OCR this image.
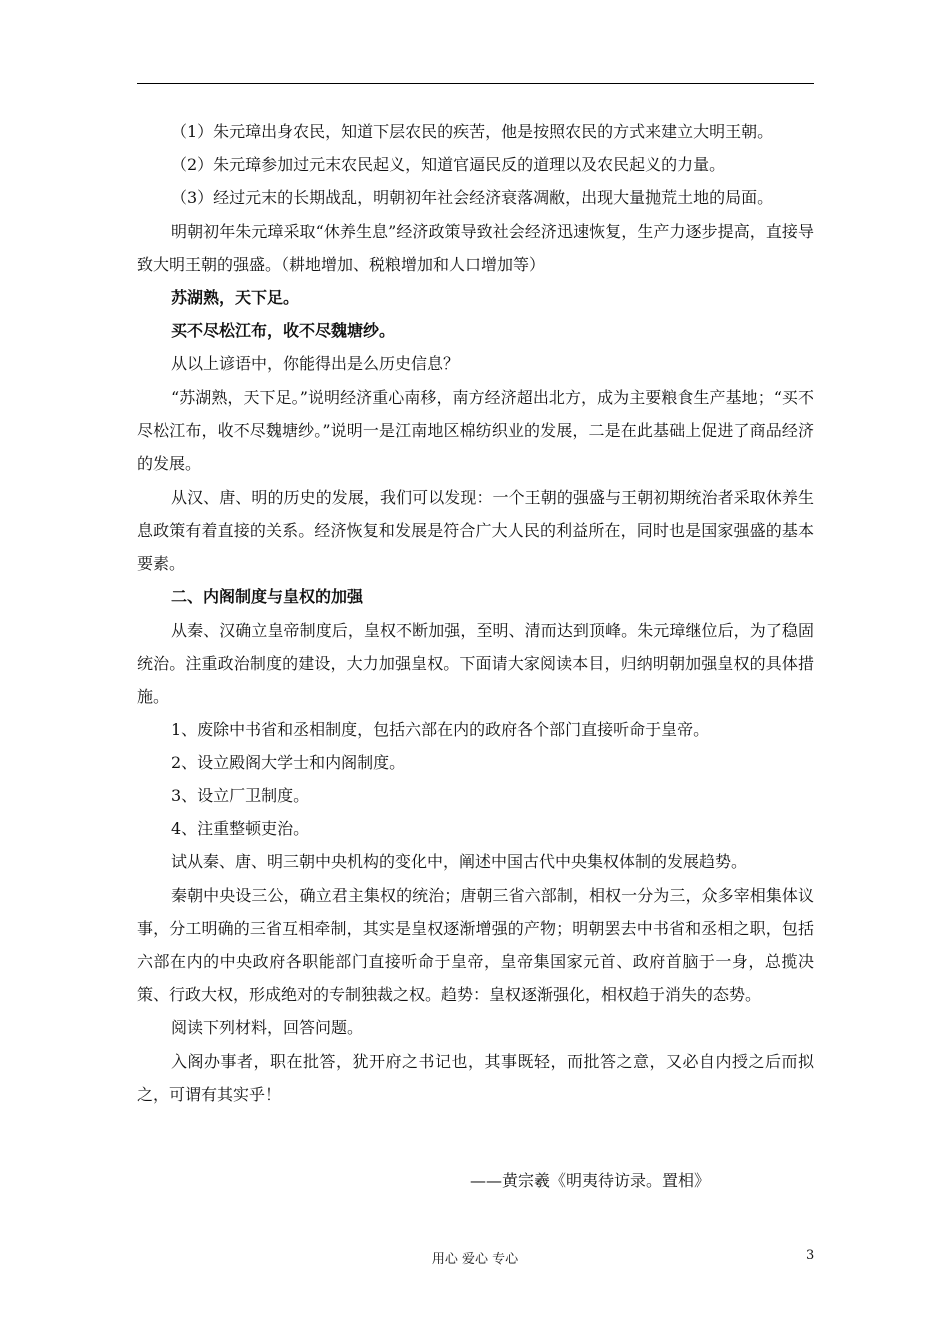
（1）朱元璋出身农民，知道下层农民的疾苦，他是按照农民的方式来建立大明王朝。
（2）朱元璋参加过元末农民起义，知道官逼民反的道理以及农民起义的力量。
（3）经过元末的长期战乱，明朝初年社会经济衰落凋敝，出现大量抛荒土地的局面。
明朝初年朱元璋采取“休养生息”经济政策导致社会经济迅速恢复，生产力逐步提高，直接导致大明王朝的强盛。（耕地增加、税粮增加和人口增加等）
苏湖熟，天下足。
买不尽松江布，收不尽魏塘纱。
从以上谚语中，你能得出是么历史信息？
“苏湖熟，天下足。”说明经济重心南移，南方经济超出北方，成为主要粮食生产基地；“买不尽松江布，收不尽魏塘纱。”说明一是江南地区棉纺织业的发展，二是在此基础上促进了商品经济的发展。
从汉、唐、明的历史的发展，我们可以发现：一个王朝的强盛与王朝初期统治者采取休养生息政策有着直接的关系。经济恢复和发展是符合广大人民的利益所在，同时也是国家强盛的基本要素。
二、内阁制度与皇权的加强
从秦、汉确立皇帝制度后，皇权不断加强，至明、清而达到顶峰。朱元璋继位后，为了稳固统治。注重政治制度的建设，大力加强皇权。下面请大家阅读本目，归纳明朝加强皇权的具体措施。
1、废除中书省和丞相制度，包括六部在内的政府各个部门直接听命于皇帝。
2、设立殿阁大学士和内阁制度。
3、设立厂卫制度。
4、注重整顿吏治。
试从秦、唐、明三朝中央机构的变化中，阐述中国古代中央集权体制的发展趋势。
秦朝中央设三公，确立君主集权的统治；唐朝三省六部制，相权一分为三，众多宰相集体议事，分工明确的三省互相牵制，其实是皇权逐渐增强的产物；明朝罢去中书省和丞相之职，包括六部在内的中央政府各职能部门直接听命于皇帝，皇帝集国家元首、政府首脑于一身，总揽决策、行政大权，形成绝对的专制独裁之权。趋势：皇权逐渐强化，相权趋于消失的态势。
阅读下列材料，回答问题。
入阁办事者，职在批答，犹开府之书记也，其事既轻，而批答之意，又必自内授之后而拟之，可谓有其实乎！
——黄宗羲《明夷待访录。置相》
用心 爱心 专心	3
